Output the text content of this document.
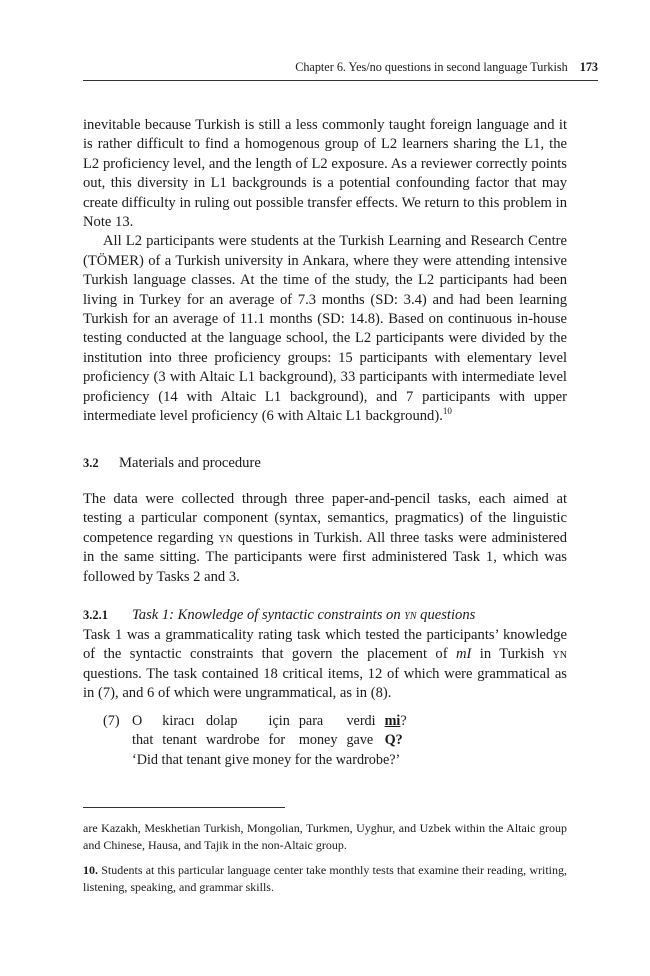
Chapter 6. Yes/no questions in second language Turkish 173

inevitable because Turkish is still a less commonly taught foreign language and it is rather difficult to find a homogenous group of L2 learners sharing the L1, the L2 proficiency level, and the length of L2 exposure. As a reviewer correctly points out, this diversity in L1 backgrounds is a potential confounding factor that may create difficulty in ruling out possible transfer effects. We return to this problem in Note 13.

All L2 participants were students at the Turkish Learning and Research Centre (TÖMER) of a Turkish university in Ankara, where they were attending intensive Turkish language classes. At the time of the study, the L2 participants had been living in Turkey for an average of 7.3 months (SD: 3.4) and had been learning Turkish for an average of 11.1 months (SD: 14.8). Based on continuous in-house testing conducted at the language school, the L2 participants were divided by the institution into three proficiency groups: 15 participants with elementary level proficiency (3 with Altaic L1 background), 33 participants with intermediate level proficiency (14 with Altaic L1 background), and 7 participants with upper intermediate level proficiency (6 with Altaic L1 background).$^{10}$

3.2 Materials and procedure

The data were collected through three paper-and-pencil tasks, each aimed at testing a particular component (syntax, semantics, pragmatics) of the linguistic competence regarding yn questions in Turkish. All three tasks were administered in the same sitting. The participants were first administered Task 1, which was followed by Tasks 2 and 3.

3.2.1 Task 1: Knowledge of syntactic constraints on yn questions

Task 1 was a grammaticality rating task which tested the participants’ knowledge of the syntactic constraints that govern the placement of mI in Turkish yn questions. The task contained 18 critical items, 12 of which were grammatical as in (7), and 6 of which were ungrammatical, as in (8).

(7) O	kiracı	dolap	için	para	verdi	mi?
that	tenant	wardrobe	for	money	gave	Q?
‘Did that tenant give money for the wardrobe?’

are Kazakh, Meskhetian Turkish, Mongolian, Turkmen, Uyghur, and Uzbek within the Altaic group and Chinese, Hausa, and Tajik in the non-Altaic group.

10. Students at this particular language center take monthly tests that examine their reading, writing, listening, speaking, and grammar skills.
